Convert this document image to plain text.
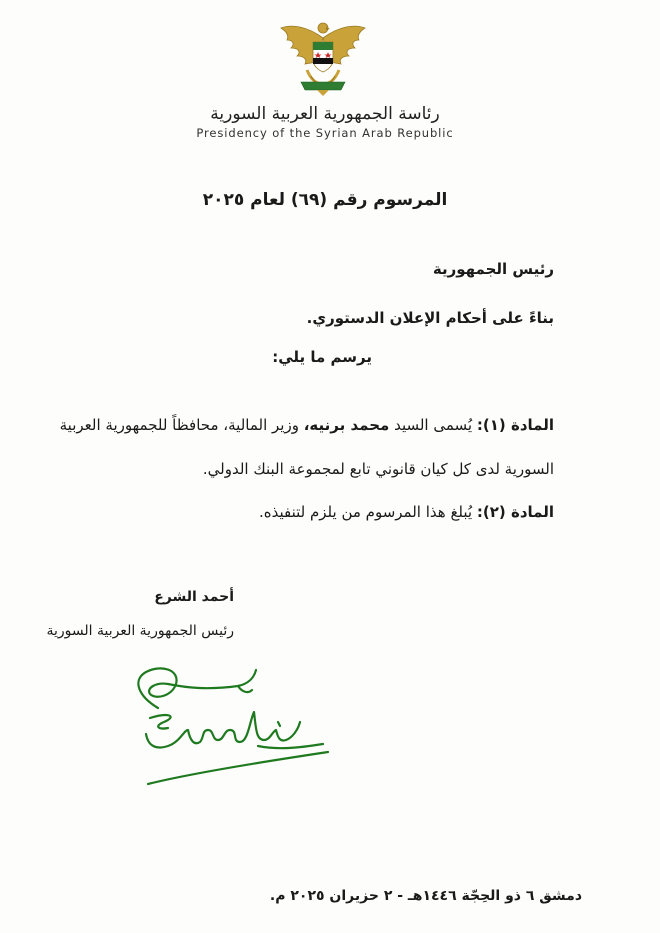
رئاسة الجمهورية العربية السورية
Presidency of the Syrian Arab Republic
المرسوم رقم (٦٩) لعام ٢٠٢٥
رئيس الجمهورية
بناءً على أحكام الإعلان الدستوري.
يرسم ما يلي:
المادة (١): يُسمى السيد محمد برنيه، وزير المالية، محافظاً للجمهورية العربية
السورية لدى كل كيان قانوني تابع لمجموعة البنك الدولي.
المادة (٢): يُبلغ هذا المرسوم من يلزم لتنفيذه.
أحمد الشرع
رئيس الجمهورية العربية السورية
دمشق ٦ ذو الحِجّة ١٤٤٦هـ - ٢ حزيران ٢٠٢٥ م.
